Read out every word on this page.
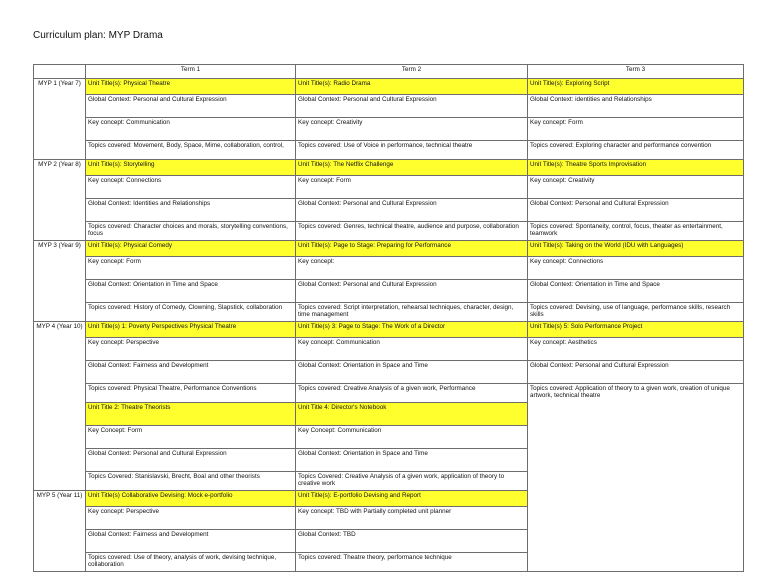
Curriculum plan: MYP Drama
	Term 1	Term 2	Term 3
MYP 1 (Year 7)	Unit Title(s): Physical Theatre	Unit Title(s): Radio Drama	Unit Title(s): Exploring Script
	Global Context: Personal and Cultural Expression	Global Context: Personal and Cultural Expression	Global Context: identities and Relationships
	Key concept: Communication	Key concept: Creativity	Key concept: Form
	Topics covered: Movement, Body, Space, Mime, collaboration, control,	Topics covered: Use of Voice in performance, technical theatre	Topics covered: Exploring character and performance convention
MYP 2 (Year 8)	Unit Title(s): Storytelling	Unit Title(s): The Netflix Challenge	Unit Title(s): Theatre Sports Improvisation
	Key concept: Connections	Key concept: Form	Key concept: Creativity
	Global Context: Identities and Relationships	Global Context: Personal and Cultural Expression	Global Context: Personal and Cultural Expression
	Topics covered: Character choices and morals, storytelling conventions, focus	Topics covered: Genres, technical theatre, audience and purpose, collaboration	Topics covered: Spontaneity, control, focus, theater as entertainment, teamwork
MYP 3 (Year 9)	Unit Title(s): Physical Comedy	Unit Title(s): Page to Stage: Preparing for Performance	Unit Title(s): Taking on the World (IDU with Languages)
	Key concept: Form	Key concept:	Key concept: Connections
	Global Context: Orientation in Time and Space	Global Context: Personal and Cultural Expression	Global Context: Orientation in Time and Space
	Topics covered: History of Comedy, Clowning, Slapstick, collaboration	Topics covered: Script interpretation, rehearsal techniques, character, design, time management	Topics covered: Devising, use of language, performance skills, research skills
MYP 4 (Year 10)	Unit Title(s) 1: Poverty Perspectives Physical Theatre	Unit Title(s) 3: Page to Stage: The Work of a Director	Unit Title(s) 5: Solo Performance Project
	Key concept: Perspective	Key concept: Communication	Key concept: Aesthetics
	Global Context: Fairness and Development	Global Context: Orientation in Space and Time	Global Context: Personal and Cultural Expression
	Topics covered: Physical Theatre, Performance Conventions	Topics covered: Creative Analysis of a given work, Performance	Topics covered: Application of theory to a given work, creation of unique artwork, technical theatre
	Unit Title 2: Theatre Theorists	Unit Title 4: Director's Notebook	
	Key Concept: Form	Key Concept: Communication	
	Global Context: Personal and Cultural Expression	Global Context: Orientation in Space and Time	
	Topics Covered: Stanislavski, Brecht, Boal and other theorists	Topics Covered: Creative Analysis of a given work, application of theory to creative work	
MYP 5 (Year 11)	Unit Title(s) Collaborative Devising: Mock e-portfolio	Unit Title(s): E-portfolio Devising and Report	
	Key concept: Perspective	Key concept: TBD with Partially completed unit planner	
	Global Context: Fairness and Development	Global Context: TBD	
	Topics covered: Use of theory, analysis of work, devising technique, collaboration	Topics covered: Theatre theory, performance technique	
